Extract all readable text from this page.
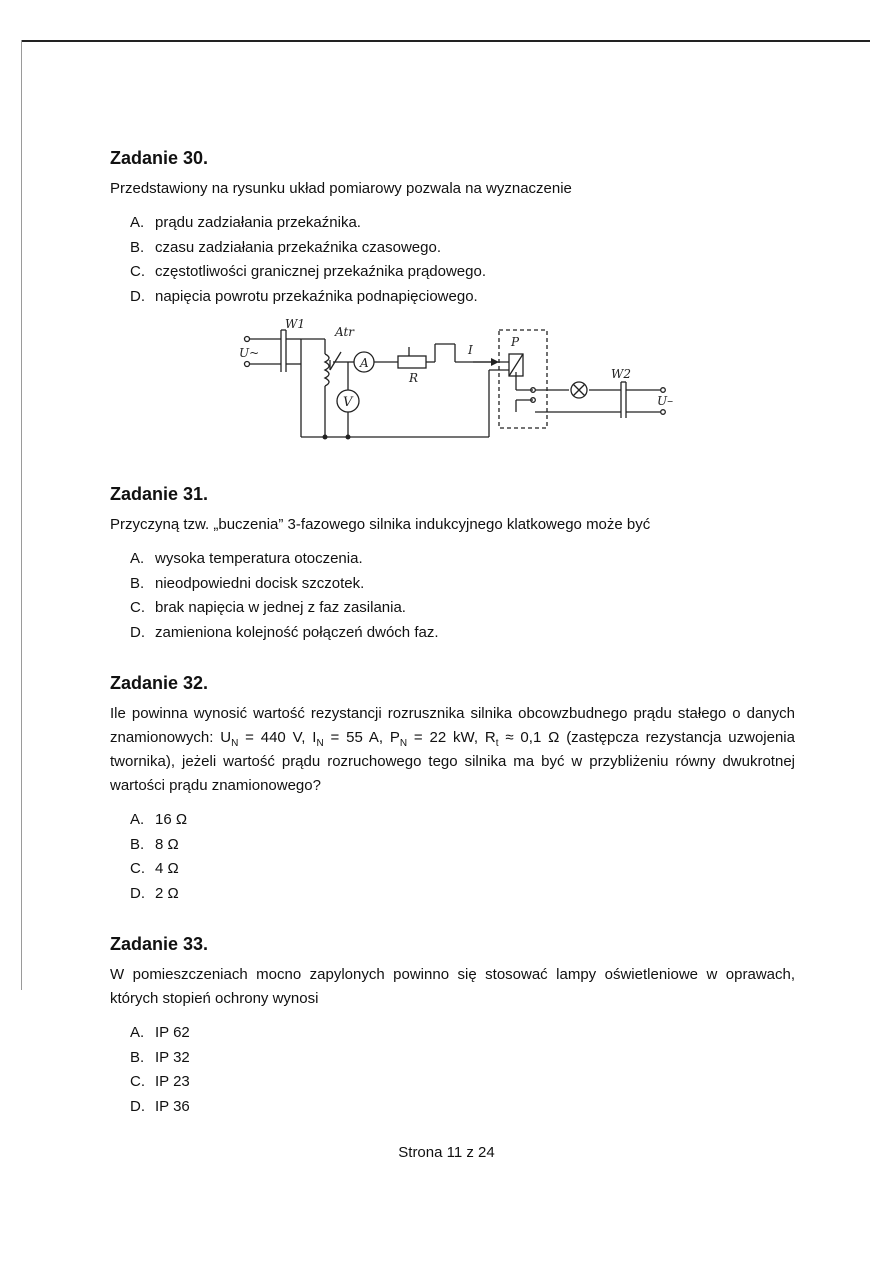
Zadanie 30.

Przedstawiony na rysunku układ pomiarowy pozwala na wyznaczenie

A. prądu zadziałania przekaźnika.
B. czasu zadziałania przekaźnika czasowego.
C. częstotliwości granicznej przekaźnika prądowego.
D. napięcia powrotu przekaźnika podnapięciowego.
W1
U~
Atr
A
V
R
I
P
W2
U–
Zadanie 31.

Przyczyną tzw. „buczenia” 3-fazowego silnika indukcyjnego klatkowego może być

A. wysoka temperatura otoczenia.
B. nieodpowiedni docisk szczotek.
C. brak napięcia w jednej z faz zasilania.
D. zamieniona kolejność połączeń dwóch faz.
Zadanie 32.

Ile powinna wynosić wartość rezystancji rozrusznika silnika obcowzbudnego prądu stałego o danych znamionowych: $U_N = 440$ V, $I_N = 55$ A, $P_N = 22$ kW, $R_t \approx 0,1$ Ω (zastępcza rezystancja uzwojenia twornika), jeżeli wartość prądu rozruchowego tego silnika ma być w przybliżeniu równy dwukrotnej wartości prądu znamionowego?

A. 16 Ω
B. 8 Ω
C. 4 Ω
D. 2 Ω
Zadanie 33.

W pomieszczeniach mocno zapylonych powinno się stosować lampy oświetleniowe w oprawach, których stopień ochrony wynosi

A. IP 62
B. IP 32
C. IP 23
D. IP 36
Strona 11 z 24
